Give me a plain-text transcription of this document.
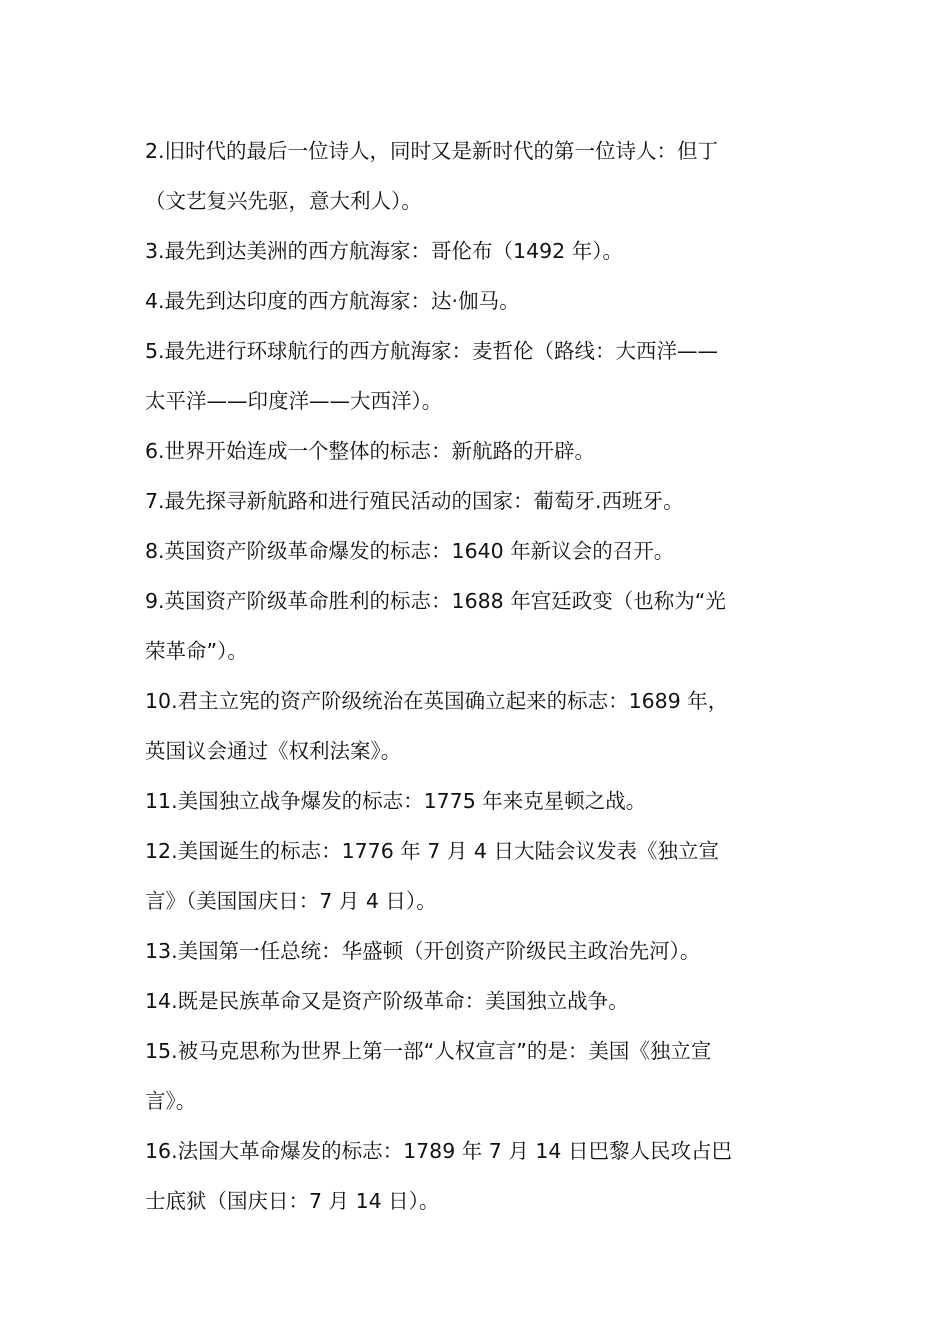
2.旧时代的最后一位诗人，同时又是新时代的第一位诗人：但丁
（文艺复兴先驱，意大利人）。
3.最先到达美洲的西方航海家：哥伦布（1492 年）。
4.最先到达印度的西方航海家：达·伽马。
5.最先进行环球航行的西方航海家：麦哲伦（路线：大西洋——
太平洋——印度洋——大西洋）。
6.世界开始连成一个整体的标志：新航路的开辟。
7.最先探寻新航路和进行殖民活动的国家：葡萄牙.西班牙。
8.英国资产阶级革命爆发的标志：1640 年新议会的召开。
9.英国资产阶级革命胜利的标志：1688 年宫廷政变（也称为“光
荣革命”）。
10.君主立宪的资产阶级统治在英国确立起来的标志：1689 年，
英国议会通过《权利法案》。
11.美国独立战争爆发的标志：1775 年来克星顿之战。
12.美国诞生的标志：1776 年 7 月 4 日大陆会议发表《独立宣
言》（美国国庆日：7 月 4 日）。
13.美国第一任总统：华盛顿（开创资产阶级民主政治先河）。
14.既是民族革命又是资产阶级革命：美国独立战争。
15.被马克思称为世界上第一部“人权宣言”的是：美国《独立宣
言》。
16.法国大革命爆发的标志：1789 年 7 月 14 日巴黎人民攻占巴
士底狱（国庆日：7 月 14 日）。
